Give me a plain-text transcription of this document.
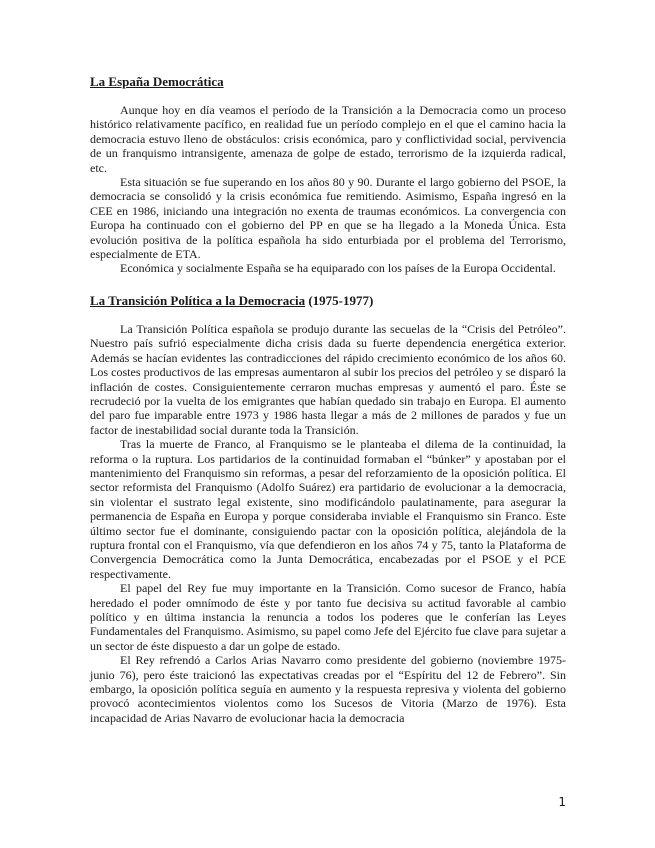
La España Democrática

Aunque hoy en día veamos el período de la Transición a la Democracia como un proceso histórico relativamente pacífico, en realidad fue un período complejo en el que el camino hacia la democracia estuvo lleno de obstáculos: crisis económica, paro y conflictividad social, pervivencia de un franquismo intransigente, amenaza de golpe de estado, terrorismo de la izquierda radical, etc.

Esta situación se fue superando en los años 80 y 90. Durante el largo gobierno del PSOE, la democracia se consolidó y la crisis económica fue remitiendo. Asimismo, España ingresó en la CEE en 1986, iniciando una integración no exenta de traumas económicos. La convergencia con Europa ha continuado con el gobierno del PP en que se ha llegado a la Moneda Única. Esta evolución positiva de la política española ha sido enturbiada por el problema del Terrorismo, especialmente de ETA.

Económica y socialmente España se ha equiparado con los países de la Europa Occidental.

La Transición Política a la Democracia (1975-1977)

La Transición Política española se produjo durante las secuelas de la “Crisis del Petróleo”. Nuestro país sufrió especialmente dicha crisis dada su fuerte dependencia energética exterior. Además se hacían evidentes las contradicciones del rápido crecimiento económico de los años 60. Los costes productivos de las empresas aumentaron al subir los precios del petróleo y se disparó la inflación de costes. Consiguientemente cerraron muchas empresas y aumentó el paro. Éste se recrudeció por la vuelta de los emigrantes que habían quedado sin trabajo en Europa. El aumento del paro fue imparable entre 1973 y 1986 hasta llegar a más de 2 millones de parados y fue un factor de inestabilidad social durante toda la Transición.

Tras la muerte de Franco, al Franquismo se le planteaba el dilema de la continuidad, la reforma o la ruptura. Los partidarios de la continuidad formaban el “búnker” y apostaban por el mantenimiento del Franquismo sin reformas, a pesar del reforzamiento de la oposición política. El sector reformista del Franquismo (Adolfo Suárez) era partidario de evolucionar a la democracia, sin violentar el sustrato legal existente, sino modificándolo paulatinamente, para asegurar la permanencia de España en Europa y porque consideraba inviable el Franquismo sin Franco. Este último sector fue el dominante, consiguiendo pactar con la oposición política, alejándola de la ruptura frontal con el Franquismo, vía que defendieron en los años 74 y 75, tanto la Plataforma de Convergencia Democrática como la Junta Democrática, encabezadas por el PSOE y el PCE respectivamente.

El papel del Rey fue muy importante en la Transición. Como sucesor de Franco, había heredado el poder omnímodo de éste y por tanto fue decisiva su actitud favorable al cambio político y en última instancia la renuncia a todos los poderes que le conferían las Leyes Fundamentales del Franquismo. Asimismo, su papel como Jefe del Ejército fue clave para sujetar a un sector de éste dispuesto a dar un golpe de estado.

El Rey refrendó a Carlos Arias Navarro como presidente del gobierno (noviembre 1975-junio 76), pero éste traicionó las expectativas creadas por el “Espíritu del 12 de Febrero”. Sin embargo, la oposición política seguía en aumento y la respuesta represiva y violenta del gobierno provocó acontecimientos violentos como los Sucesos de Vitoria (Marzo de 1976). Esta incapacidad de Arias Navarro de evolucionar hacia la democracia

1
